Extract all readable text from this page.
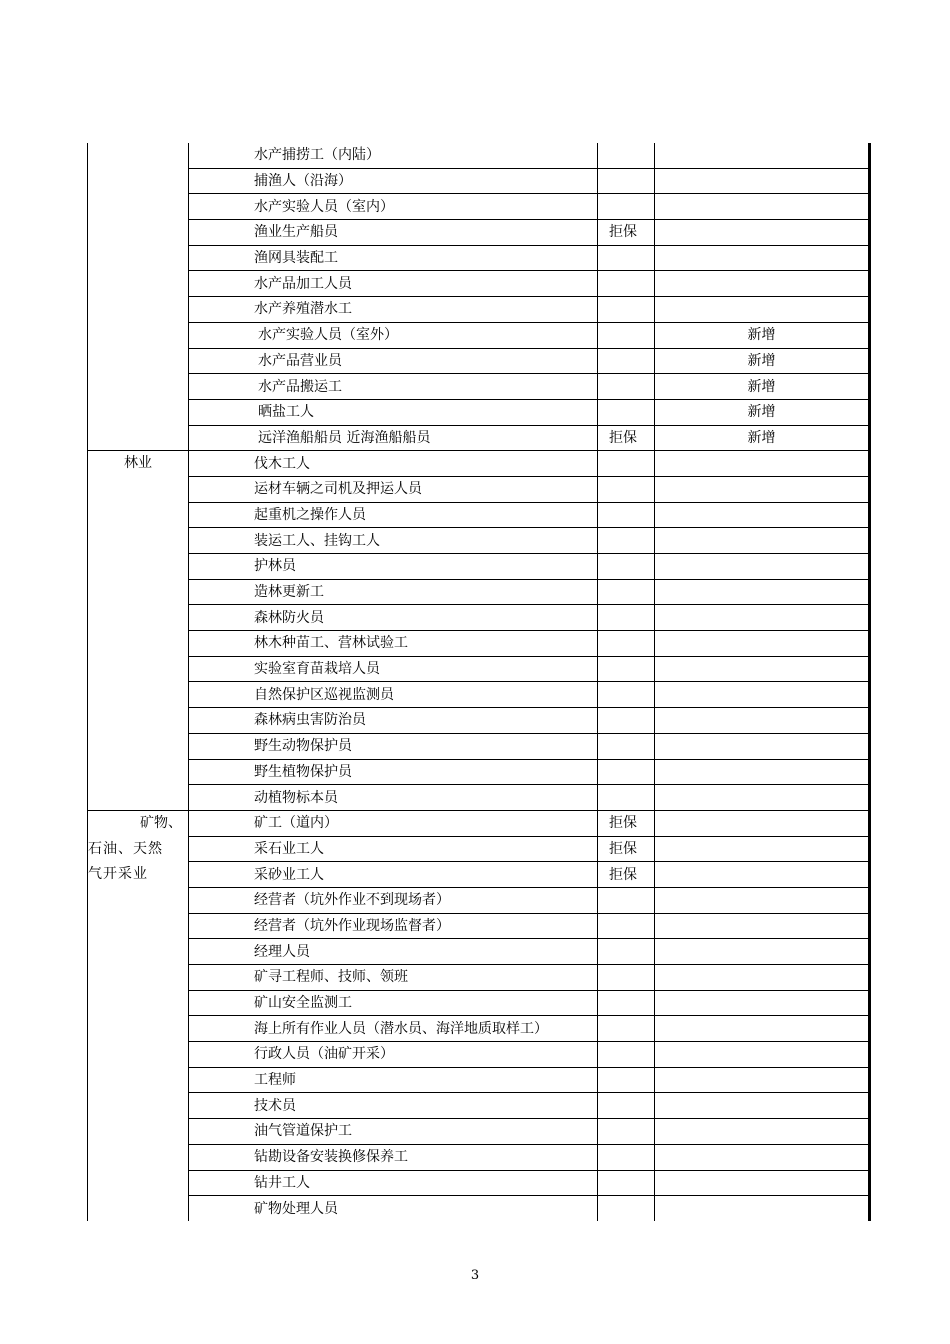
	水产捕捞工（内陆）		
	捕渔人（沿海）		
	水产实验人员（室内）		
	渔业生产船员	拒保	
	渔网具装配工		
	水产品加工人员		
	水产养殖潜水工		
	水产实验人员（室外）		新增
	水产品营业员		新增
	水产品搬运工		新增
	晒盐工人		新增
	远洋渔船船员 近海渔船船员	拒保	新增
林业	伐木工人		
	运材车辆之司机及押运人员		
	起重机之操作人员		
	装运工人、挂钩工人		
	护林员		
	造林更新工		
	森林防火员		
	林木种苗工、营林试验工		
	实验室育苗栽培人员		
	自然保护区巡视监测员		
	森林病虫害防治员		
	野生动物保护员		
	野生植物保护员		
	动植物标本员		

矿物、
石油、天然
气开采业	矿工（道内）	拒保	
	采石业工人	拒保	
	采砂业工人	拒保	
	经营者（坑外作业不到现场者）		
	经营者（坑外作业现场监督者）		
	经理人员		
	矿寻工程师、技师、领班		
	矿山安全监测工		
	海上所有作业人员（潜水员、海洋地质取样工）		
	行政人员（油矿开采）		
	工程师		
	技术员		
	油气管道保护工		
	钻勘设备安装换修保养工		
	钻井工人		
	矿物处理人员		
3
